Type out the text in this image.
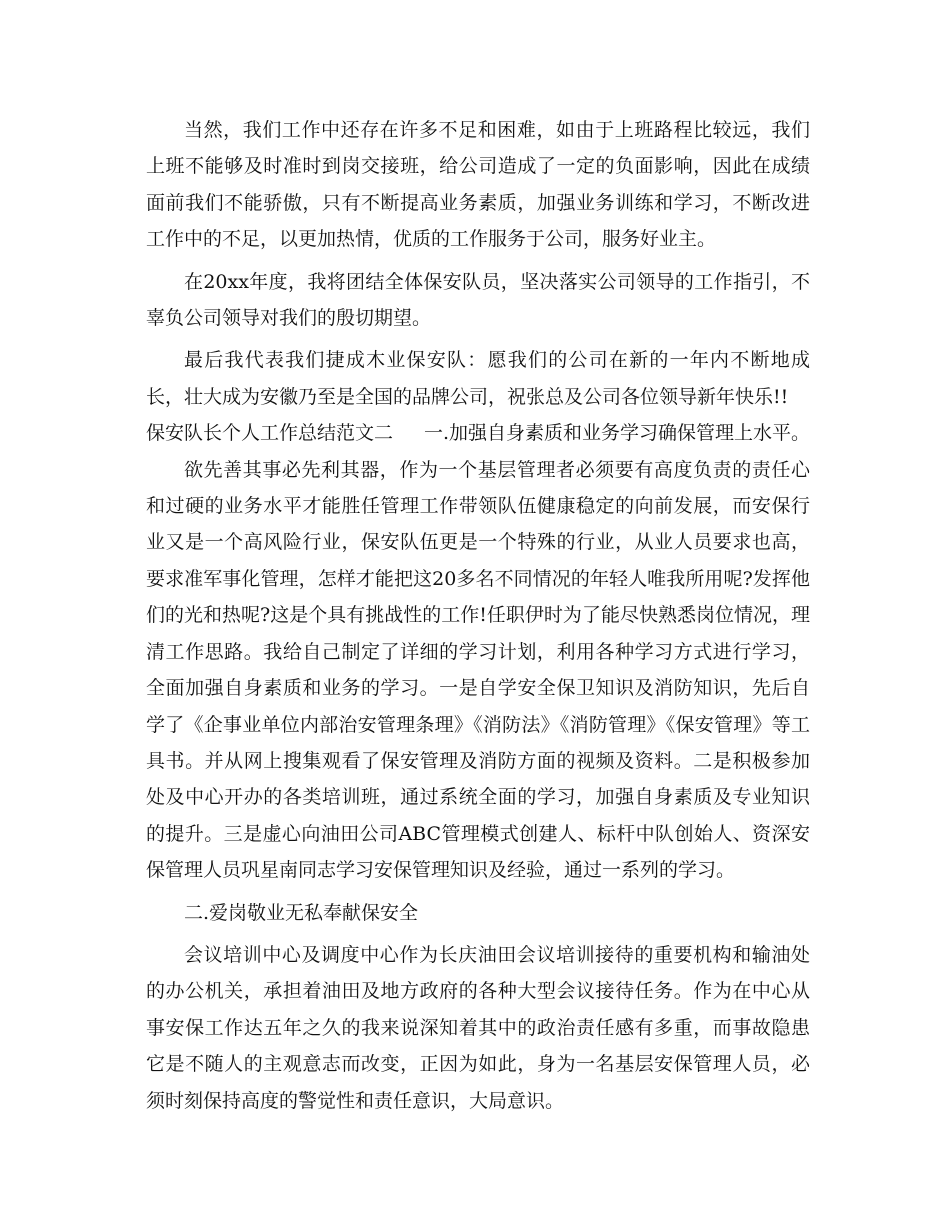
当然，我们工作中还存在许多不足和困难，如由于上班路程比较远，我们上班不能够及时准时到岗交接班，给公司造成了一定的负面影响，因此在成绩面前我们不能骄傲，只有不断提高业务素质，加强业务训练和学习，不断改进工作中的不足，以更加热情，优质的工作服务于公司，服务好业主。

在20xx年度，我将团结全体保安队员，坚决落实公司领导的工作指引，不辜负公司领导对我们的殷切期望。

最后我代表我们捷成木业保安队：愿我们的公司在新的一年内不断地成长，壮大成为安徽乃至是全国的品牌公司，祝张总及公司各位领导新年快乐!!

保安队长个人工作总结范文二 一.加强自身素质和业务学习确保管理上水平。

欲先善其事必先利其器，作为一个基层管理者必须要有高度负责的责任心和过硬的业务水平才能胜任管理工作带领队伍健康稳定的向前发展，而安保行业又是一个高风险行业，保安队伍更是一个特殊的行业，从业人员要求也高，要求准军事化管理，怎样才能把这20多名不同情况的年轻人唯我所用呢?发挥他们的光和热呢?这是个具有挑战性的工作!任职伊时为了能尽快熟悉岗位情况，理清工作思路。我给自己制定了详细的学习计划，利用各种学习方式进行学习，全面加强自身素质和业务的学习。一是自学安全保卫知识及消防知识，先后自学了《企事业单位内部治安管理条理》《消防法》《消防管理》《保安管理》等工具书。并从网上搜集观看了保安管理及消防方面的视频及资料。二是积极参加处及中心开办的各类培训班，通过系统全面的学习，加强自身素质及专业知识的提升。三是虚心向油田公司ABC管理模式创建人、标杆中队创始人、资深安保管理人员巩星南同志学习安保管理知识及经验，通过一系列的学习。

二.爱岗敬业无私奉献保安全

会议培训中心及调度中心作为长庆油田会议培训接待的重要机构和输油处的办公机关，承担着油田及地方政府的各种大型会议接待任务。作为在中心从事安保工作达五年之久的我来说深知着其中的政治责任感有多重，而事故隐患它是不随人的主观意志而改变，正因为如此，身为一名基层安保管理人员，必须时刻保持高度的警觉性和责任意识，大局意识。
